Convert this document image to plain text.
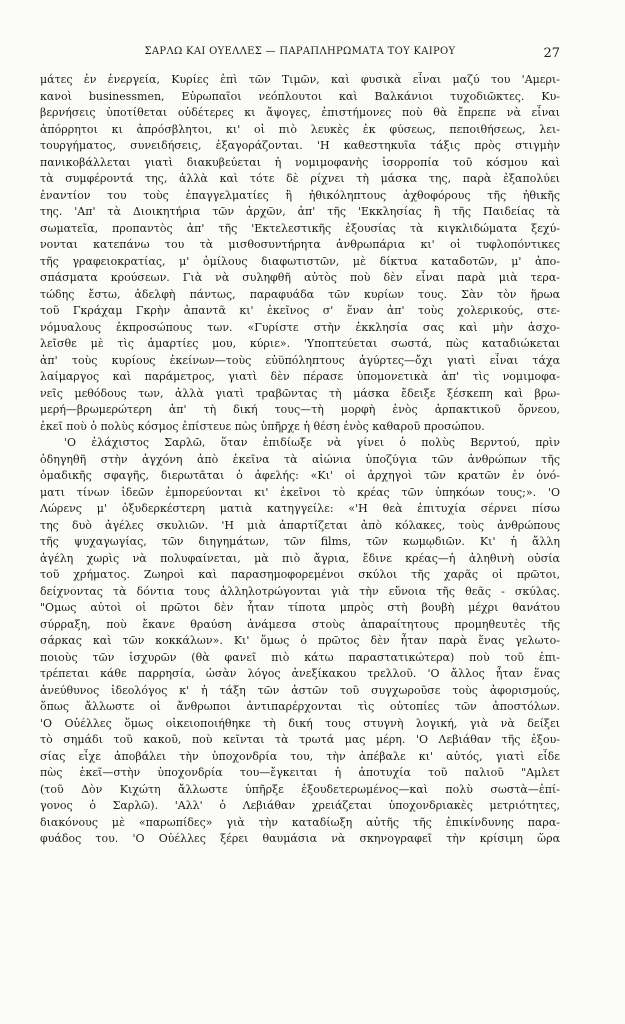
ΣΑΡΛΩ ΚΑΙ ΟΥΕΛΛΕΣ — ΠΑΡΑΠΛΗΡΩΜΑΤΑ ΤΟΥ ΚΑΙΡΟΥ	27
μάτες ἐν ἐνεργεία, Κυρίες ἐπὶ τῶν Τιμῶν, καὶ φυσικὰ εἶναι μαζύ του 'Αμερι-
κανοὶ businessmen, Εὐρωπαῖοι νεόπλουτοι καὶ Βαλκάνιοι τυχοδιῶκτες. Κυ-
βερνήσεις ὑποτίθεται οὐδέτερες κι ἄψογες, ἐπιστήμονες ποὺ θὰ ἔπρεπε νὰ εἶναι
ἀπόρρητοι κι ἀπρόσβλητοι, κι' οἱ πιὸ λευκὲς ἐκ φύσεως, πεποιθήσεως, λει-
τουργήματος, συνειδήσεις, ἐξαγοράζονται. 'Η καθεστηκυῖα τάξις πρὸς στιγμὴν
πανικοβάλλεται γιατὶ διακυβεύεται ἡ νομιμοφανὴς ἰσορροπία τοῦ κόσμου καὶ
τὰ συμφέροντά της, ἀλλὰ καὶ τότε δὲ ρίχνει τὴ μάσκα της, παρὰ ἐξαπολύει
ἐναντίον του τοὺς ἐπαγγελματίες ἢ ἠθικόληπτους ἀχθοφόρους τῆς ἠθικῆς
της. 'Απ' τὰ Διοικητήρια τῶν ἀρχῶν, ἀπ' τῆς 'Εκκλησίας ἢ τῆς Παιδείας τὰ
σωματεῖα, προπαντὸς ἀπ' τῆς 'Εκτελεστικῆς ἐξουσίας τὰ κιγκλιδώματα ξεχύ-
νονται κατεπάνω του τὰ μισθοσυντήρητα ἀνθρωπάρια κι' οἱ τυφλοπόντικες
τῆς γραφειοκρατίας, μ' ὁμίλους διαφωτιστῶν, μὲ δίκτυα καταδοτῶν, μ' ἀπο-
σπάσματα κρούσεων. Γιὰ νὰ συληφθῆ αὐτὸς ποὺ δὲν εἶναι παρὰ μιὰ τερα-
τώδης ἔστω, ἀδελφὴ πάντως, παραφυάδα τῶν κυρίων τους. Σὰν τὸν ἥρωα
τοῦ Γκράχαμ Γκρὴν ἀπαντᾶ κι' ἐκεῖνος σ' ἕναν ἀπ' τοὺς χολερικούς, στε-
νόμυαλους ἐκπροσώπους των. «Γυρίστε στὴν ἐκκλησία σας καὶ μὴν ἀσχο-
λεῖσθε μὲ τὶς ἁμαρτίες μου, κύριε». 'Υποπτεύεται σωστά, πὼς καταδιώκεται
ἀπ' τοὺς κυρίους ἐκείνων—τοὺς εὐϋπόληπτους ἀγύρτες—ὄχι γιατὶ εἶναι τάχα
λαίμαργος καὶ παράμετρος, γιατὶ δὲν πέρασε ὑπομονετικὰ ἀπ' τὶς νομιμοφα-
νεῖς μεθόδους των, ἀλλὰ γιατὶ τραβῶντας τὴ μάσκα ἔδειξε ξέσκεπη καὶ βρω-
μερή—βρωμερώτερη ἀπ' τὴ δική τους—τὴ μορφὴ ἑνὸς ἀρπακτικοῦ ὄρνεου,
ἐκεῖ ποὺ ὁ πολὺς κόσμος ἐπίστευε πὼς ὑπῆρχε ἡ θέση ἑνὸς καθαροῦ προσώπου.
'Ο ἐλάχιστος Σαρλῶ, ὅταν ἐπιδίωξε νὰ γίνει ὁ πολὺς Βερντού, πρὶν
ὁδηγηθῆ στὴν ἀγχόνη ἀπὸ ἐκεῖνα τὰ αἰώνια ὑποζύγια τῶν ἀνθρώπων τῆς
ὁμαδικῆς σφαγῆς, διερωτᾶται ὁ ἀφελής: «Κι' οἱ ἀρχηγοὶ τῶν κρατῶν ἐν ὀνό-
ματι τίνων ἰδεῶν ἐμπορεύονται κι' ἐκεῖνοι τὸ κρέας τῶν ὑπηκόων τους;». 'Ο
Λώρενς μ' ὀξυδερκέστερη ματιὰ κατηγγείλε: «'Η θεὰ ἐπιτυχία σέρνει πίσω
της δυὸ ἀγέλες σκυλιῶν. 'Η μιὰ ἀπαρτίζεται ἀπὸ κόλακες, τοὺς ἀνθρώπους
τῆς ψυχαγωγίας, τῶν διηγημάτων, τῶν films, τῶν κωμῳδιῶν. Κι' ἡ ἄλλη
ἀγέλη χωρὶς νὰ πολυφαίνεται, μὰ πιὸ ἄγρια, ἔδινε κρέας—ἡ ἀληθινὴ οὐσία
τοῦ χρήματος. Ζωηροὶ καὶ παρασημοφορεμένοι σκύλοι τῆς χαρᾶς οἱ πρῶτοι,
δείχνοντας τὰ δόντια τους ἀλληλοτρώγονται γιὰ τὴν εὔνοια τῆς θεᾶς - σκύλας.
"Ομως αὐτοὶ οἱ πρῶτοι δὲν ἦταν τίποτα μπρὸς στὴ βουβὴ μέχρι θανάτου
σύρραξη, ποὺ ἔκανε θραύση ἀνάμεσα στοὺς ἀπαραίτητους προμηθευτὲς τῆς
σάρκας καὶ τῶν κοκκάλων». Κι' ὅμως ὁ πρῶτος δὲν ἦταν παρὰ ἕνας γελωτο-
ποιοὺς τῶν ἰσχυρῶν (θὰ φανεῖ πιὸ κάτω παραστατικώτερα) ποὺ τοῦ ἐπι-
τρέπεται κάθε παρρησία, ὡσὰν λόγος ἀνεξίκακου τρελλοῦ. 'Ο ἄλλος ἦταν ἕνας
ἀνεύθυνος ἰδεολόγος κ' ἡ τάξη τῶν ἀστῶν τοῦ συγχωροῦσε τοὺς ἀφορισμούς,
ὅπως ἄλλωστε οἱ ἄνθρωποι ἀντιπαρέρχονται τὶς οὐτοπίες τῶν ἀποστόλων.
'Ο Οὐέλλες ὅμως οἰκειοποιήθηκε τὴ δική τους στυγνὴ λογική, γιὰ νὰ δείξει
τὸ σημάδι τοῦ κακοῦ, ποὺ κεῖνται τὰ τρωτά μας μέρη. 'Ο Λεβιάθαν τῆς ἐξου-
σίας εἶχε ἀποβάλει τὴν ὑποχονδρία του, τὴν ἀπέβαλε κι' αὐτός, γιατὶ εἶδε
πὼς ἐκεῖ—στὴν ὑποχονδρία του—ἔγκειται ἡ ἀποτυχία τοῦ παλιοῦ "Αμλετ
(τοῦ Δὸν Κιχώτη ἄλλωστε ὑπῆρξε ἐξουδετερωμένος—καὶ πολὺ σωστὰ—ἐπί-
γονος ὁ Σαρλῶ). 'Αλλ' ὁ Λεβιάθαν χρειάζεται ὑποχονδριακὲς μετριότητες,
διακόνους μὲ «παρωπίδες» γιὰ τὴν καταδίωξη αὐτῆς τῆς ἐπικίνδυνης παρα-
φυάδος του. 'Ο Οὐέλλες ξέρει θαυμάσια νὰ σκηνογραφεῖ τὴν κρίσιμη ὥρα
